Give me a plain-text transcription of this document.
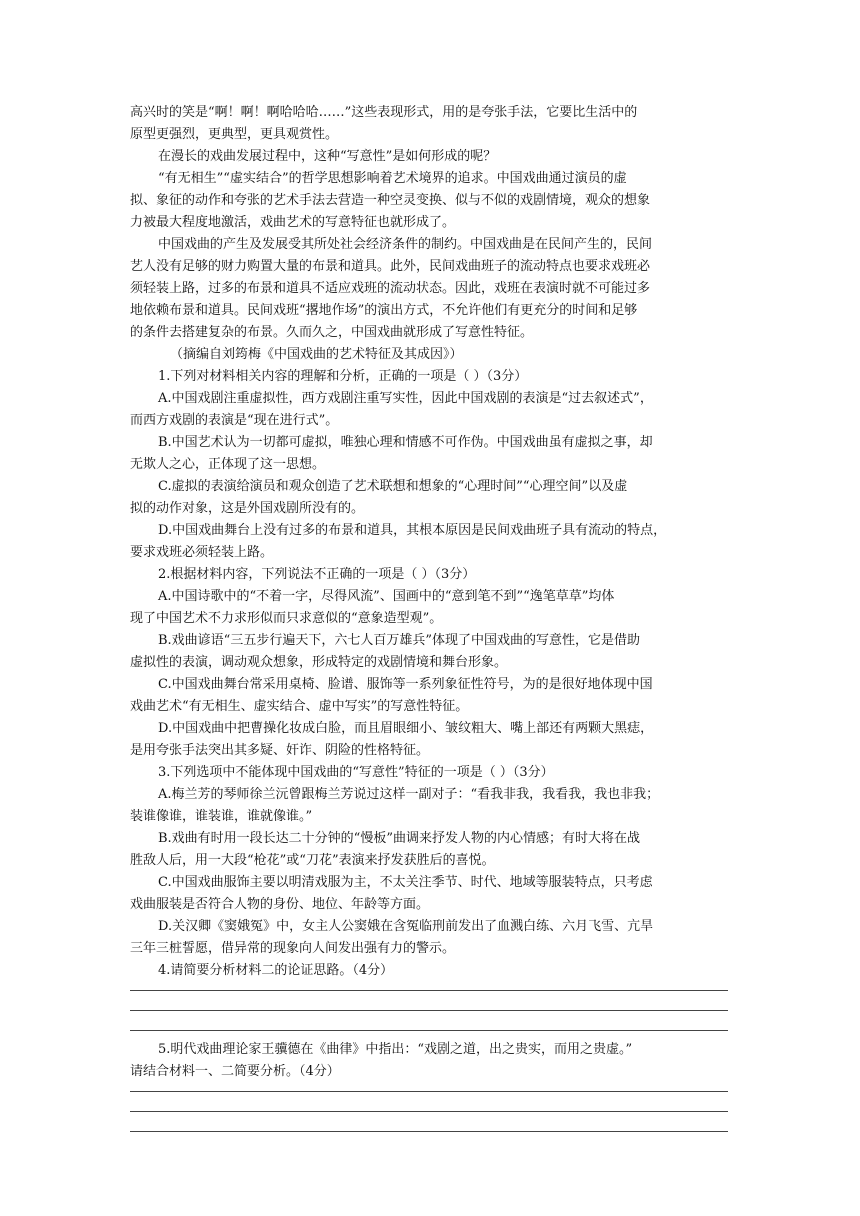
高兴时的笑是“啊！啊！啊哈哈哈……”这些表现形式，用的是夸张手法，它要比生活中的
原型更强烈，更典型，更具观赏性。
在漫长的戏曲发展过程中，这种“写意性”是如何形成的呢？
“有无相生”“虚实结合”的哲学思想影响着艺术境界的追求。中国戏曲通过演员的虚
拟、象征的动作和夸张的艺术手法去营造一种空灵变换、似与不似的戏剧情境，观众的想象
力被最大程度地激活，戏曲艺术的写意特征也就形成了。
中国戏曲的产生及发展受其所处社会经济条件的制约。中国戏曲是在民间产生的，民间
艺人没有足够的财力购置大量的布景和道具。此外，民间戏曲班子的流动特点也要求戏班必
须轻装上路，过多的布景和道具不适应戏班的流动状态。因此，戏班在表演时就不可能过多
地依赖布景和道具。民间戏班“撂地作场”的演出方式，不允许他们有更充分的时间和足够
的条件去搭建复杂的布景。久而久之，中国戏曲就形成了写意性特征。
（摘编自刘筠梅《中国戏曲的艺术特征及其成因》）
1.下列对材料相关内容的理解和分析，正确的一项是（ ）（3分）
A.中国戏剧注重虚拟性，西方戏剧注重写实性，因此中国戏剧的表演是“过去叙述式”，
而西方戏剧的表演是“现在进行式”。
B.中国艺术认为一切都可虚拟，唯独心理和情感不可作伪。中国戏曲虽有虚拟之事，却
无欺人之心，正体现了这一思想。
C.虚拟的表演给演员和观众创造了艺术联想和想象的“心理时间”“心理空间”以及虚
拟的动作对象，这是外国戏剧所没有的。
D.中国戏曲舞台上没有过多的布景和道具，其根本原因是民间戏曲班子具有流动的特点，
要求戏班必须轻装上路。
2.根据材料内容，下列说法不正确的一项是（ ）（3分）
A.中国诗歌中的“不着一字，尽得风流”、国画中的“意到笔不到”“逸笔草草”均体
现了中国艺术不力求形似而只求意似的“意象造型观”。
B.戏曲谚语“三五步行遍天下，六七人百万雄兵”体现了中国戏曲的写意性，它是借助
虚拟性的表演，调动观众想象，形成特定的戏剧情境和舞台形象。
C.中国戏曲舞台常采用桌椅、脸谱、服饰等一系列象征性符号，为的是很好地体现中国
戏曲艺术“有无相生、虚实结合、虚中写实”的写意性特征。
D.中国戏曲中把曹操化妆成白脸，而且眉眼细小、皱纹粗大、嘴上部还有两颗大黑痣，
是用夸张手法突出其多疑、奸诈、阴险的性格特征。
3.下列选项中不能体现中国戏曲的“写意性”特征的一项是（ ）（3分）
A.梅兰芳的琴师徐兰沅曾跟梅兰芳说过这样一副对子：“看我非我，我看我，我也非我；
装谁像谁，谁装谁，谁就像谁。”
B.戏曲有时用一段长达二十分钟的“慢板”曲调来抒发人物的内心情感；有时大将在战
胜敌人后，用一大段“枪花”或“刀花”表演来抒发获胜后的喜悦。
C.中国戏曲服饰主要以明清戏服为主，不太关注季节、时代、地域等服装特点，只考虑
戏曲服装是否符合人物的身份、地位、年龄等方面。
D.关汉卿《窦娥冤》中，女主人公窦娥在含冤临刑前发出了血溅白练、六月飞雪、亢旱
三年三桩誓愿，借异常的现象向人间发出强有力的警示。
4.请简要分析材料二的论证思路。（4分）
5.明代戏曲理论家王骥德在《曲律》中指出：“戏剧之道，出之贵实，而用之贵虚。”
请结合材料一、二简要分析。（4分）
